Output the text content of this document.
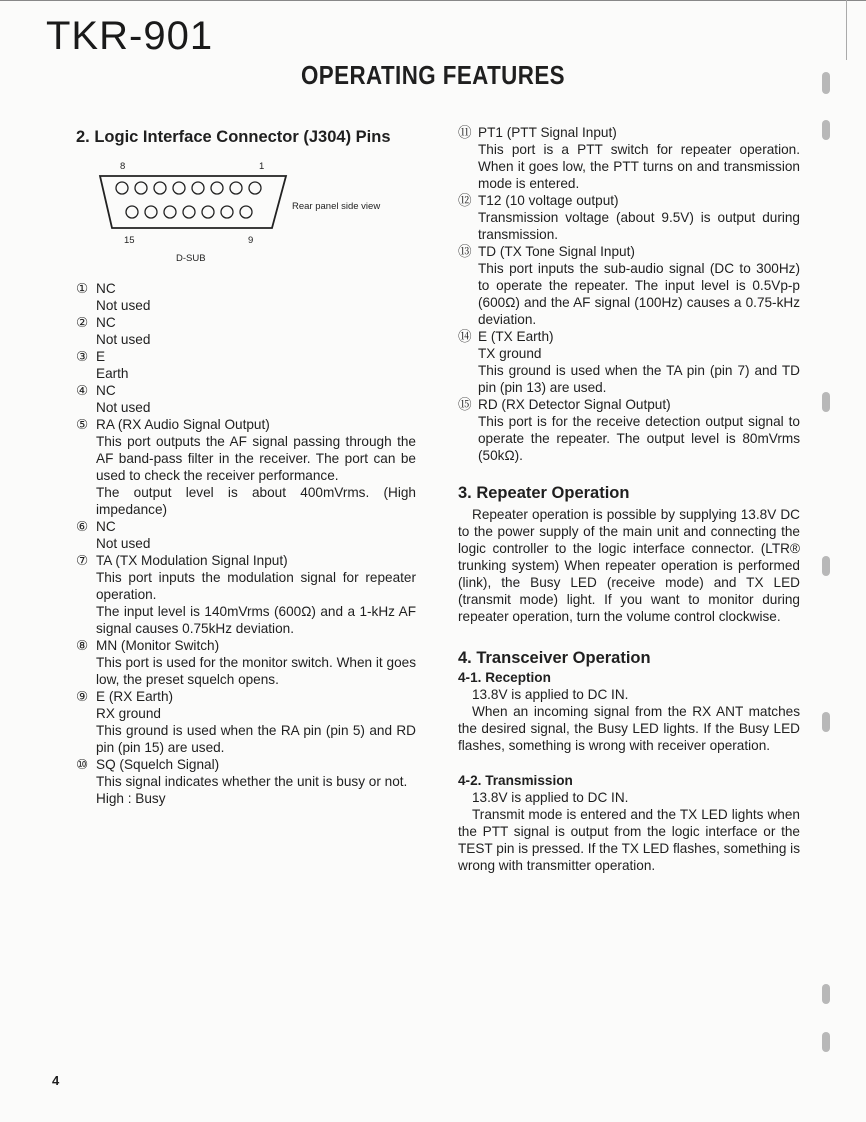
TKR-901
OPERATING FEATURES
2. Logic Interface Connector (J304) Pins
8	1
15	9
D-SUB
Rear panel side view
① NC
Not used
② NC
Not used
③ E
Earth
④ NC
Not used
⑤ RA (RX Audio Signal Output)
This port outputs the AF signal passing through the AF band-pass filter in the receiver. The port can be used to check the receiver performance.
The output level is about 400mVrms. (High impedance)
⑥ NC
Not used
⑦ TA (TX Modulation Signal Input)
This port inputs the modulation signal for repeater operation.
The input level is 140mVrms (600Ω) and a 1-kHz AF signal causes 0.75kHz deviation.
⑧ MN (Monitor Switch)
This port is used for the monitor switch. When it goes low, the preset squelch opens.
⑨ E (RX Earth)
RX ground
This ground is used when the RA pin (pin 5) and RD pin (pin 15) are used.
⑩ SQ (Squelch Signal)
This signal indicates whether the unit is busy or not.
High : Busy
⑪ PT1 (PTT Signal Input)
This port is a PTT switch for repeater operation. When it goes low, the PTT turns on and transmission mode is entered.
⑫ T12 (10 voltage output)
Transmission voltage (about 9.5V) is output during transmission.
⑬ TD (TX Tone Signal Input)
This port inputs the sub-audio signal (DC to 300Hz) to operate the repeater. The input level is 0.5Vp-p (600Ω) and the AF signal (100Hz) causes a 0.75-kHz deviation.
⑭ E (TX Earth)
TX ground
This ground is used when the TA pin (pin 7) and TD pin (pin 13) are used.
⑮ RD (RX Detector Signal Output)
This port is for the receive detection output signal to operate the repeater. The output level is 80mVrms (50kΩ).
3. Repeater Operation

Repeater operation is possible by supplying 13.8V DC to the power supply of the main unit and connecting the logic controller to the logic interface connector. (LTR® trunking system) When repeater operation is performed (link), the Busy LED (receive mode) and TX LED (transmit mode) light. If you want to monitor during repeater operation, turn the volume control clockwise.

4. Transceiver Operation
4-1. Reception

13.8V is applied to DC IN.

When an incoming signal from the RX ANT matches the desired signal, the Busy LED lights. If the Busy LED flashes, something is wrong with receiver operation.

4-2. Transmission

13.8V is applied to DC IN.

Transmit mode is entered and the TX LED lights when the PTT signal is output from the logic interface or the TEST pin is pressed. If the TX LED flashes, something is wrong with transmitter operation.

4
